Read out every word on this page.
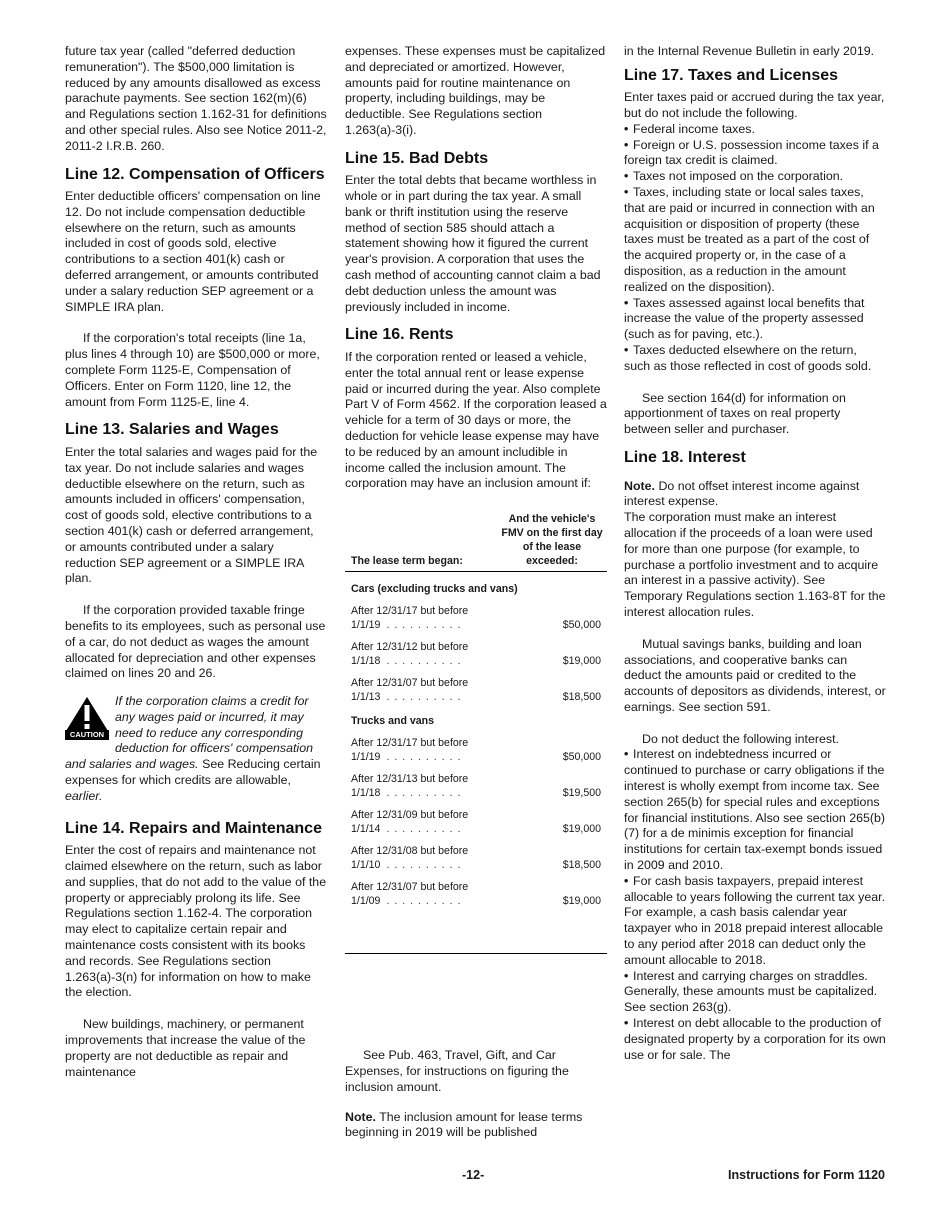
future tax year (called "deferred deduction remuneration"). The $500,000 limitation is reduced by any amounts disallowed as excess parachute payments. See section 162(m)(6) and Regulations section 1.162-31 for definitions and other special rules. Also see Notice 2011-2, 2011-2 I.R.B. 260.

Line 12. Compensation of Officers

Enter deductible officers' compensation on line 12. Do not include compensation deductible elsewhere on the return, such as amounts included in cost of goods sold, elective contributions to a section 401(k) cash or deferred arrangement, or amounts contributed under a salary reduction SEP agreement or a SIMPLE IRA plan.

If the corporation's total receipts (line 1a, plus lines 4 through 10) are $500,000 or more, complete Form 1125-E, Compensation of Officers. Enter on Form 1120, line 12, the amount from Form 1125-E, line 4.

Line 13. Salaries and Wages

Enter the total salaries and wages paid for the tax year. Do not include salaries and wages deductible elsewhere on the return, such as amounts included in officers' compensation, cost of goods sold, elective contributions to a section 401(k) cash or deferred arrangement, or amounts contributed under a salary reduction SEP agreement or a SIMPLE IRA plan.

If the corporation provided taxable fringe benefits to its employees, such as personal use of a car, do not deduct as wages the amount allocated for depreciation and other expenses claimed on lines 20 and 26.

CAUTION
If the corporation claims a credit for any wages paid or incurred, it may need to reduce any corresponding deduction for officers' compensation and salaries and wages. See Reducing certain expenses for which credits are allowable, earlier.
Line 14. Repairs and Maintenance

Enter the cost of repairs and maintenance not claimed elsewhere on the return, such as labor and supplies, that do not add to the value of the property or appreciably prolong its life. See Regulations section 1.162-4. The corporation may elect to capitalize certain repair and maintenance costs consistent with its books and records. See Regulations section 1.263(a)-3(n) for information on how to make the election.

New buildings, machinery, or permanent improvements that increase the value of the property are not deductible as repair and maintenance

expenses. These expenses must be capitalized and depreciated or amortized. However, amounts paid for routine maintenance on property, including buildings, may be deductible. See Regulations section 1.263(a)-3(i).

Line 15. Bad Debts

Enter the total debts that became worthless in whole or in part during the tax year. A small bank or thrift institution using the reserve method of section 585 should attach a statement showing how it figured the current year's provision. A corporation that uses the cash method of accounting cannot claim a bad debt deduction unless the amount was previously included in income.

Line 16. Rents

If the corporation rented or leased a vehicle, enter the total annual rent or lease expense paid or incurred during the year. Also complete Part V of Form 4562. If the corporation leased a vehicle for a term of 30 days or more, the deduction for vehicle lease expense may have to be reduced by an amount includible in income called the inclusion amount. The corporation may have an inclusion amount if:

The lease term began:
And the vehicle's FMV on the first day of the lease exceeded:
Cars (excluding trucks and vans)
After 12/31/17 but before
1/1/19 . . . . . . . . . .	$50,000
After 12/31/12 but before
1/1/18 . . . . . . . . . .	$19,000
After 12/31/07 but before
1/1/13 . . . . . . . . . .	$18,500
Trucks and vans
After 12/31/17 but before
1/1/19 . . . . . . . . . .	$50,000
After 12/31/13 but before
1/1/18 . . . . . . . . . .	$19,500
After 12/31/09 but before
1/1/14 . . . . . . . . . .	$19,000
After 12/31/08 but before
1/1/10 . . . . . . . . . .	$18,500
After 12/31/07 but before
1/1/09 . . . . . . . . . .	$19,000

See Pub. 463, Travel, Gift, and Car Expenses, for instructions on figuring the inclusion amount.

Note. The inclusion amount for lease terms beginning in 2019 will be published

in the Internal Revenue Bulletin in early 2019.

Line 17. Taxes and Licenses

Enter taxes paid or accrued during the tax year, but do not include the following.

• Federal income taxes.

• Foreign or U.S. possession income taxes if a foreign tax credit is claimed.

• Taxes not imposed on the corporation.

• Taxes, including state or local sales taxes, that are paid or incurred in connection with an acquisition or disposition of property (these taxes must be treated as a part of the cost of the acquired property or, in the case of a disposition, as a reduction in the amount realized on the disposition).

• Taxes assessed against local benefits that increase the value of the property assessed (such as for paving, etc.).

• Taxes deducted elsewhere on the return, such as those reflected in cost of goods sold.

See section 164(d) for information on apportionment of taxes on real property between seller and purchaser.

Line 18. Interest

Note. Do not offset interest income against interest expense.

The corporation must make an interest allocation if the proceeds of a loan were used for more than one purpose (for example, to purchase a portfolio investment and to acquire an interest in a passive activity). See Temporary Regulations section 1.163-8T for the interest allocation rules.

Mutual savings banks, building and loan associations, and cooperative banks can deduct the amounts paid or credited to the accounts of depositors as dividends, interest, or earnings. See section 591.

Do not deduct the following interest.

• Interest on indebtedness incurred or continued to purchase or carry obligations if the interest is wholly exempt from income tax. See section 265(b) for special rules and exceptions for financial institutions. Also see section 265(b)(7) for a de minimis exception for financial institutions for certain tax-exempt bonds issued in 2009 and 2010.

• For cash basis taxpayers, prepaid interest allocable to years following the current tax year. For example, a cash basis calendar year taxpayer who in 2018 prepaid interest allocable to any period after 2018 can deduct only the amount allocable to 2018.

• Interest and carrying charges on straddles. Generally, these amounts must be capitalized. See section 263(g).

• Interest on debt allocable to the production of designated property by a corporation for its own use or for sale. The

-12-	Instructions for Form 1120
